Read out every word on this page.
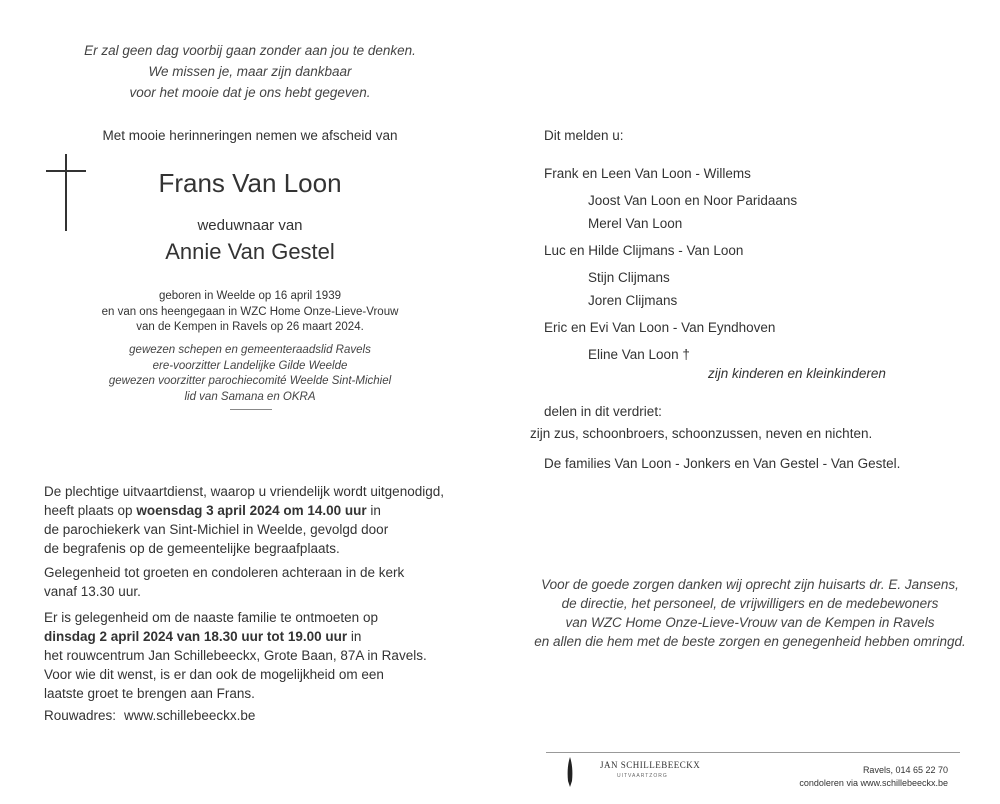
Er zal geen dag voorbij gaan zonder aan jou te denken.
We missen je, maar zijn dankbaar
voor het mooie dat je ons hebt gegeven.
Met mooie herinneringen nemen we afscheid van
Frans Van Loon
weduwnaar van
Annie Van Gestel
geboren in Weelde op 16 april 1939
en van ons heengegaan in WZC Home Onze-Lieve-Vrouw
van de Kempen in Ravels op 26 maart 2024.
gewezen schepen en gemeenteraadslid Ravels
ere-voorzitter Landelijke Gilde Weelde
gewezen voorzitter parochiecomité Weelde Sint-Michiel
lid van Samana en OKRA
De plechtige uitvaartdienst, waarop u vriendelijk wordt uitgenodigd,
heeft plaats op woensdag 3 april 2024 om 14.00 uur in
de parochiekerk van Sint-Michiel in Weelde, gevolgd door
de begrafenis op de gemeentelijke begraafplaats.
Gelegenheid tot groeten en condoleren achteraan in de kerk
vanaf 13.30 uur.
Er is gelegenheid om de naaste familie te ontmoeten op
dinsdag 2 april 2024 van 18.30 uur tot 19.00 uur in
het rouwcentrum Jan Schillebeeckx, Grote Baan, 87A in Ravels.
Voor wie dit wenst, is er dan ook de mogelijkheid om een
laatste groet te brengen aan Frans.
Rouwadres: www.schillebeeckx.be
Dit melden u:
Frank en Leen Van Loon - Willems
Joost Van Loon en Noor Paridaans
Merel Van Loon
Luc en Hilde Clijmans - Van Loon
Stijn Clijmans
Joren Clijmans
Eric en Evi Van Loon - Van Eyndhoven
Eline Van Loon †
zijn kinderen en kleinkinderen
delen in dit verdriet:
zijn zus, schoonbroers, schoonzussen, neven en nichten.
De families Van Loon - Jonkers en Van Gestel - Van Gestel.
Voor de goede zorgen danken wij oprecht zijn huisarts dr. E. Jansens,
de directie, het personeel, de vrijwilligers en de medebewoners
van WZC Home Onze-Lieve-Vrouw van de Kempen in Ravels
en allen die hem met de beste zorgen en genegenheid hebben omringd.
JAN SCHILLEBEECKX
UITVAARTZORG
Ravels, 014 65 22 70
condoleren via www.schillebeeckx.be
